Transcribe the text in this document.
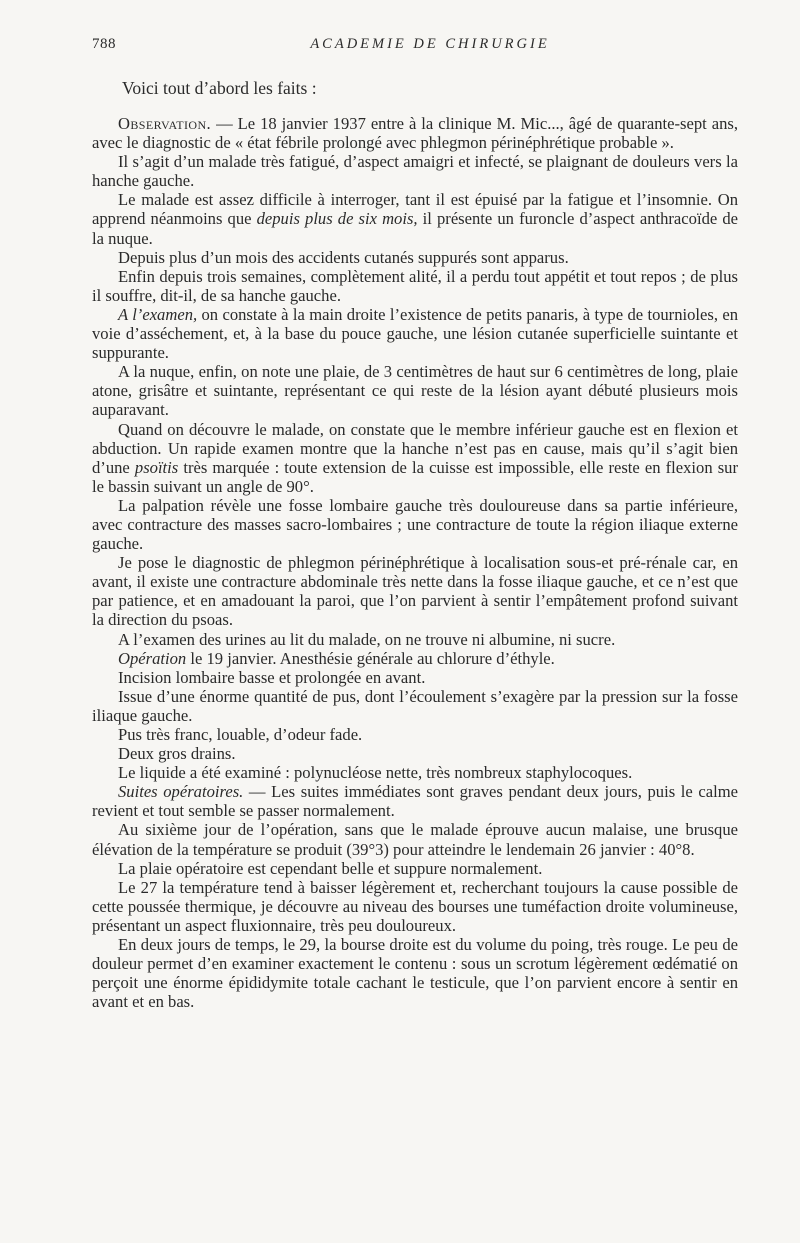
788	ACADEMIE DE CHIRURGIE

Voici tout d’abord les faits :

Observation. — Le 18 janvier 1937 entre à la clinique M. Mic..., âgé de quarante-sept ans, avec le diagnostic de « état fébrile prolongé avec phlegmon périnéphrétique probable ».

Il s’agit d’un malade très fatigué, d’aspect amaigri et infecté, se plaignant de douleurs vers la hanche gauche.

Le malade est assez difficile à interroger, tant il est épuisé par la fatigue et l’insomnie. On apprend néanmoins que depuis plus de six mois, il présente un furoncle d’aspect anthracoïde de la nuque.

Depuis plus d’un mois des accidents cutanés suppurés sont apparus.

Enfin depuis trois semaines, complètement alité, il a perdu tout appétit et tout repos ; de plus il souffre, dit-il, de sa hanche gauche.

A l’examen, on constate à la main droite l’existence de petits panaris, à type de tournioles, en voie d’asséchement, et, à la base du pouce gauche, une lésion cutanée superficielle suintante et suppurante.

A la nuque, enfin, on note une plaie, de 3 centimètres de haut sur 6 centimètres de long, plaie atone, grisâtre et suintante, représentant ce qui reste de la lésion ayant débuté plusieurs mois auparavant.

Quand on découvre le malade, on constate que le membre inférieur gauche est en flexion et abduction. Un rapide examen montre que la hanche n’est pas en cause, mais qu’il s’agit bien d’une psoïtis très marquée : toute extension de la cuisse est impossible, elle reste en flexion sur le bassin suivant un angle de 90°.

La palpation révèle une fosse lombaire gauche très douloureuse dans sa partie inférieure, avec contracture des masses sacro-lombaires ; une contracture de toute la région iliaque externe gauche.

Je pose le diagnostic de phlegmon périnéphrétique à localisation sous-et pré-rénale car, en avant, il existe une contracture abdominale très nette dans la fosse iliaque gauche, et ce n’est que par patience, et en amadouant la paroi, que l’on parvient à sentir l’empâtement profond suivant la direction du psoas.

A l’examen des urines au lit du malade, on ne trouve ni albumine, ni sucre.

Opération le 19 janvier. Anesthésie générale au chlorure d’éthyle.

Incision lombaire basse et prolongée en avant.

Issue d’une énorme quantité de pus, dont l’écoulement s’exagère par la pression sur la fosse iliaque gauche.

Pus très franc, louable, d’odeur fade.

Deux gros drains.

Le liquide a été examiné : polynucléose nette, très nombreux staphylocoques.

Suites opératoires. — Les suites immédiates sont graves pendant deux jours, puis le calme revient et tout semble se passer normalement.

Au sixième jour de l’opération, sans que le malade éprouve aucun malaise, une brusque élévation de la température se produit (39°3) pour atteindre le lendemain 26 janvier : 40°8.

La plaie opératoire est cependant belle et suppure normalement.

Le 27 la température tend à baisser légèrement et, recherchant toujours la cause possible de cette poussée thermique, je découvre au niveau des bourses une tuméfaction droite volumineuse, présentant un aspect fluxionnaire, très peu douloureux.

En deux jours de temps, le 29, la bourse droite est du volume du poing, très rouge. Le peu de douleur permet d’en examiner exactement le contenu : sous un scrotum légèrement œdématié on perçoit une énorme épididymite totale cachant le testicule, que l’on parvient encore à sentir en avant et en bas.
